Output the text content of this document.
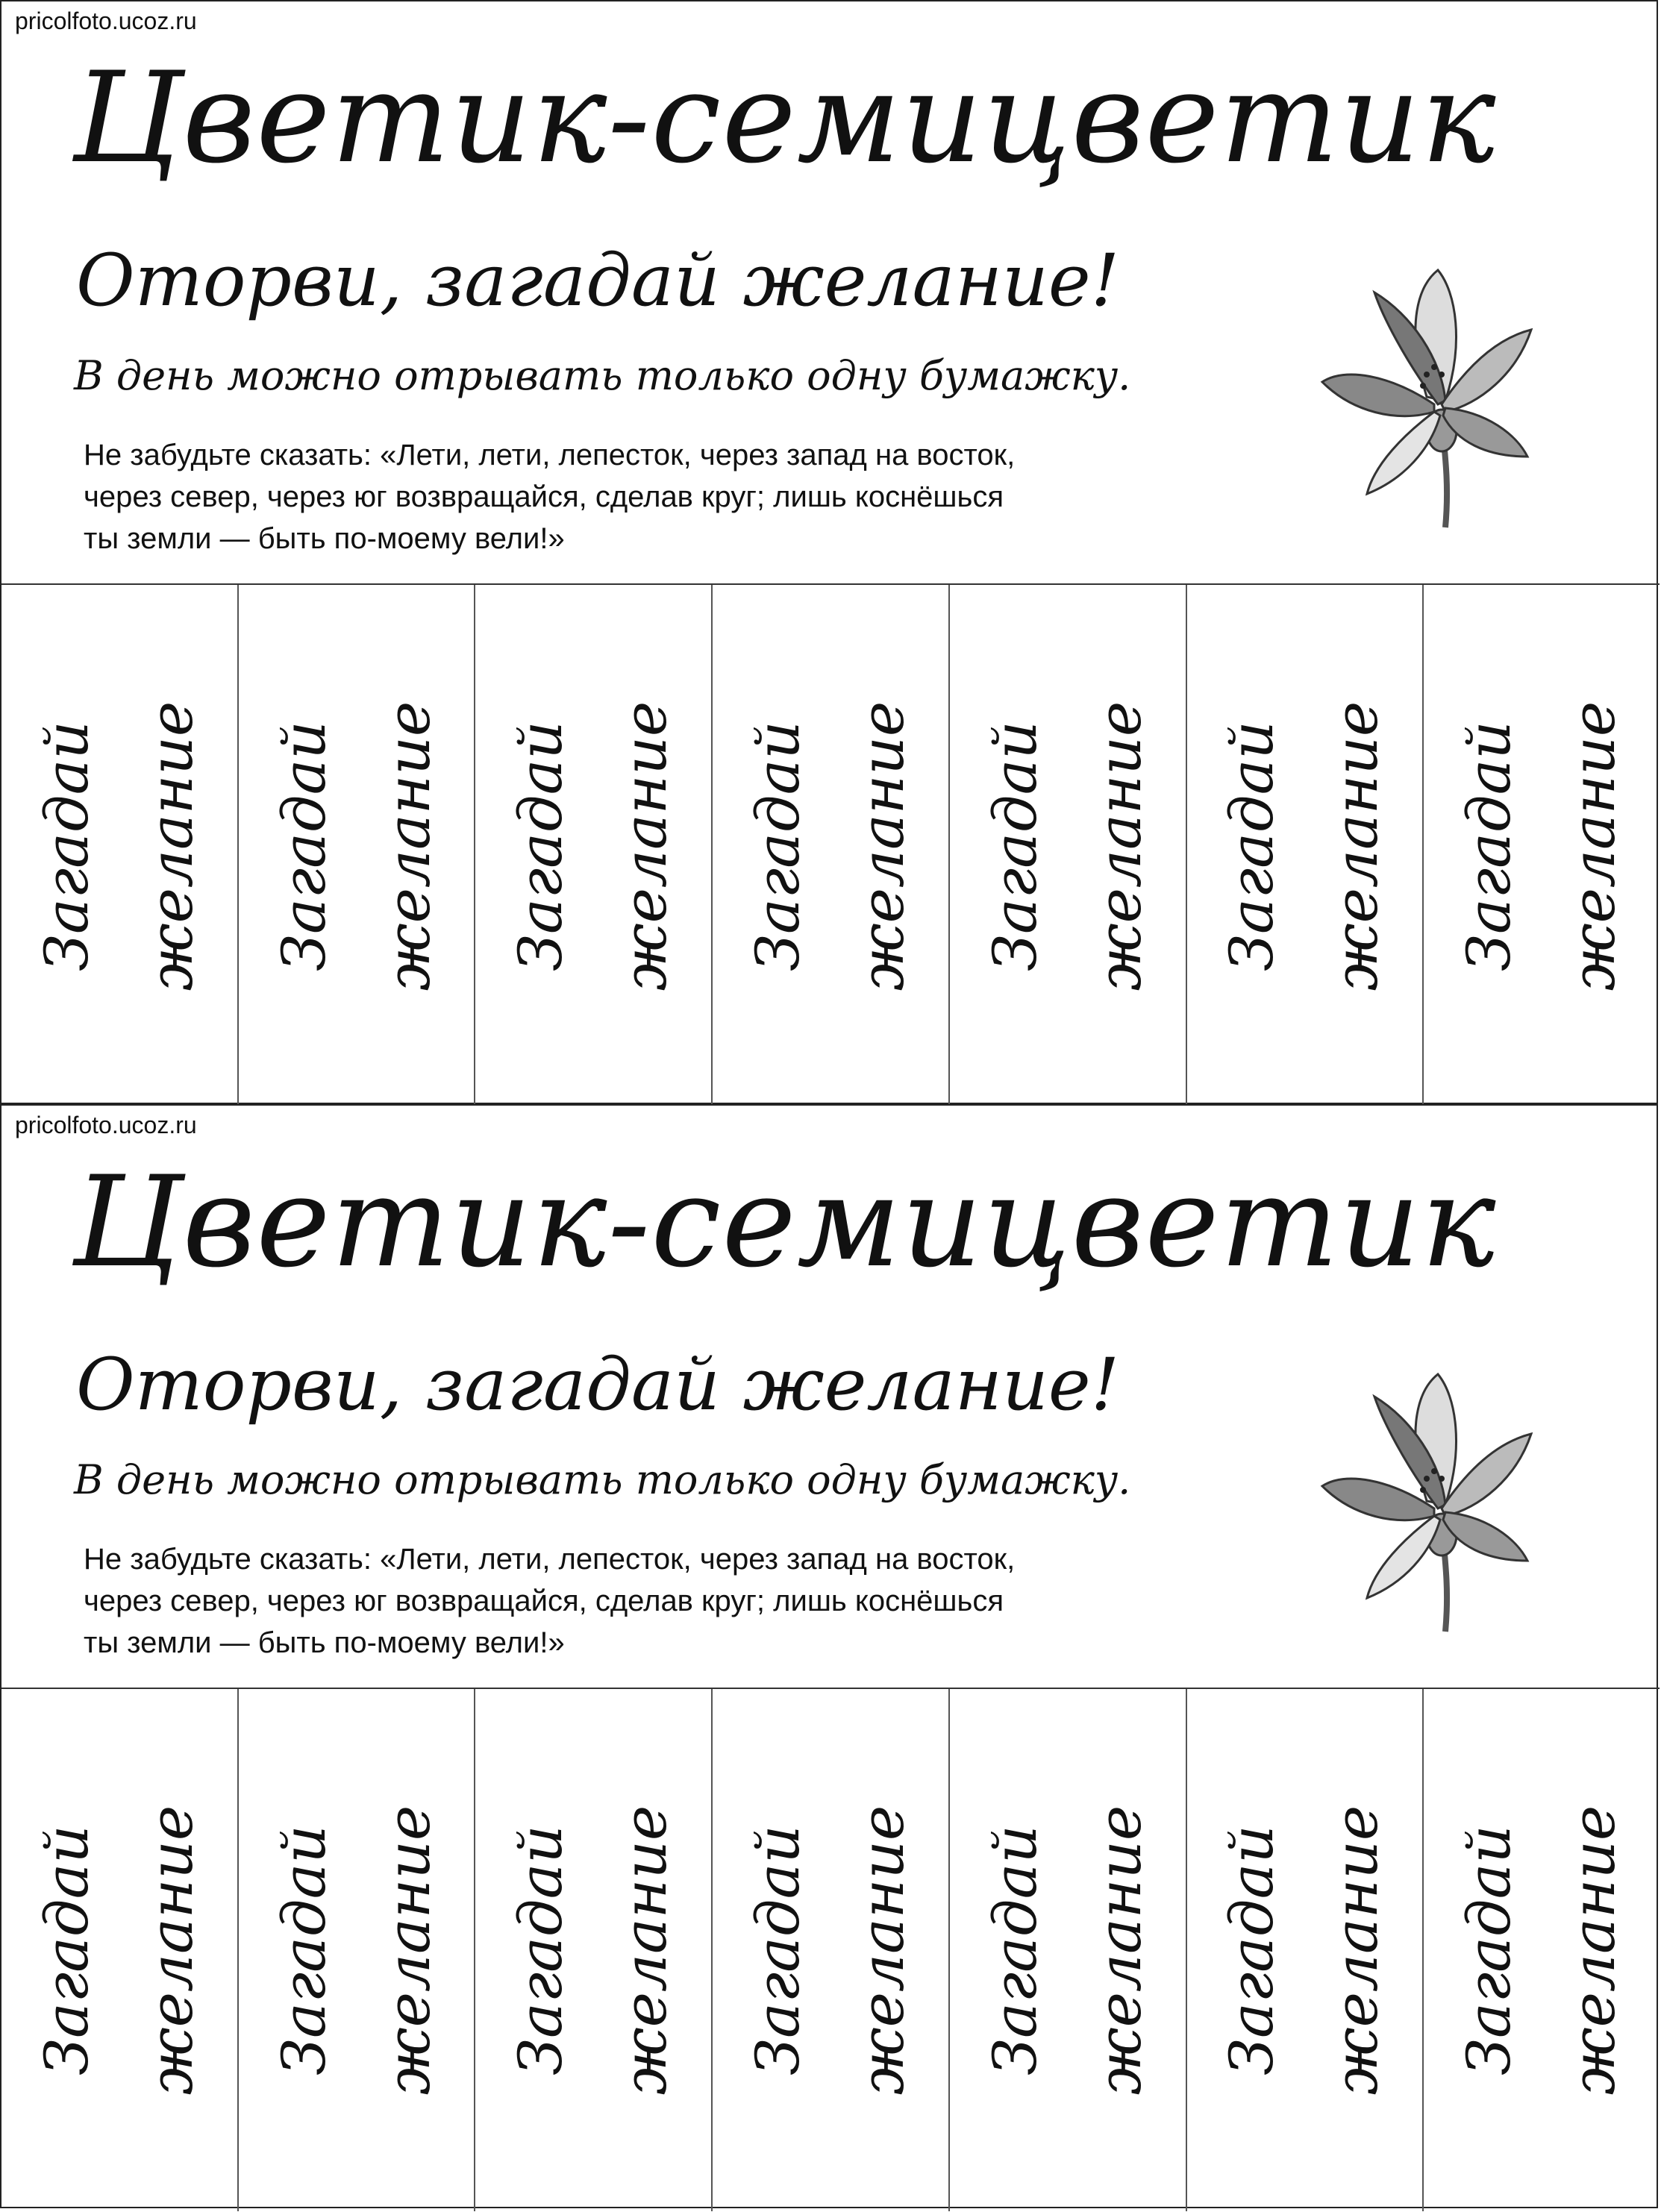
pricolfoto.ucoz.ru
Цветик-семицветик
Оторви, загадай желание!
В день можно отрывать только одну бумажку.
Не забудьте сказать: «Лети, лети, лепесток, через запад на восток,
через север, через юг возвращайся, сделав круг; лишь коснёшься
ты земли — быть по-моему вели!»
Загадай желание	Загадай желание	Загадай желание	Загадай желание	Загадай желание	Загадай желание	Загадай желание
pricolfoto.ucoz.ru
Цветик-семицветик
Оторви, загадай желание!
В день можно отрывать только одну бумажку.
Не забудьте сказать: «Лети, лети, лепесток, через запад на восток,
через север, через юг возвращайся, сделав круг; лишь коснёшься
ты земли — быть по-моему вели!»
Загадай желание	Загадай желание	Загадай желание	Загадай желание	Загадай желание	Загадай желание	Загадай желание
